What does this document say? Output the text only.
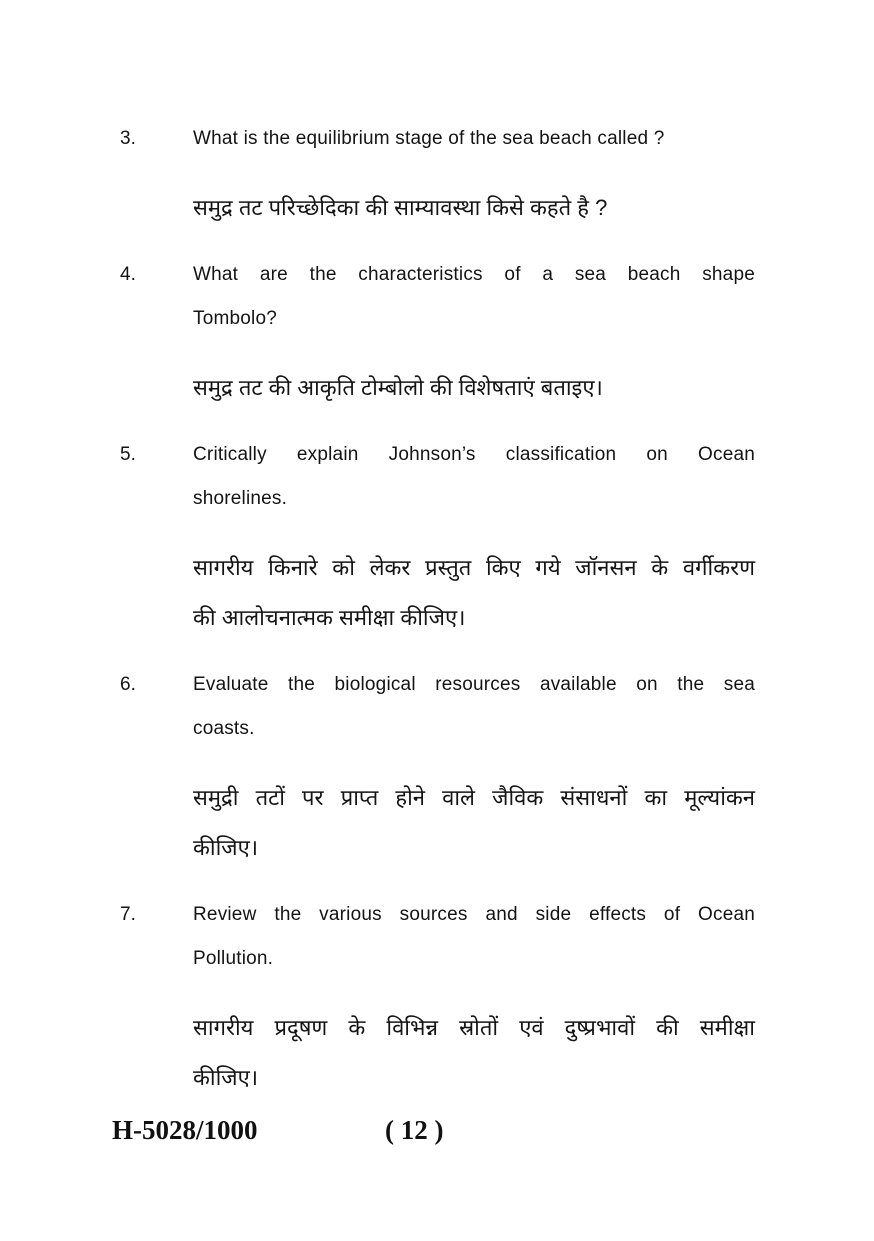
3.	What is the equilibrium stage of the sea beach called ?
समुद्र तट परिच्छेदिका की साम्यावस्था किसे कहते है ?
4.	What are the characteristics of a sea beach shape
Tombolo?
समुद्र तट की आकृति टोम्बोलो की विशेषताएं बताइए।
5.	Critically explain Johnson’s classification on Ocean
shorelines.
सागरीय किनारे को लेकर प्रस्तुत किए गये जॉनसन के वर्गीकरण
की आलोचनात्मक समीक्षा कीजिए।
6.	Evaluate the biological resources available on the sea
coasts.
समुद्री तटों पर प्राप्त होने वाले जैविक संसाधनों का मूल्यांकन
कीजिए।
7.	Review the various sources and side effects of Ocean
Pollution.
सागरीय प्रदूषण के विभिन्न स्रोतों एवं दुष्प्रभावों की समीक्षा
कीजिए।
H-5028/1000	( 12 )
